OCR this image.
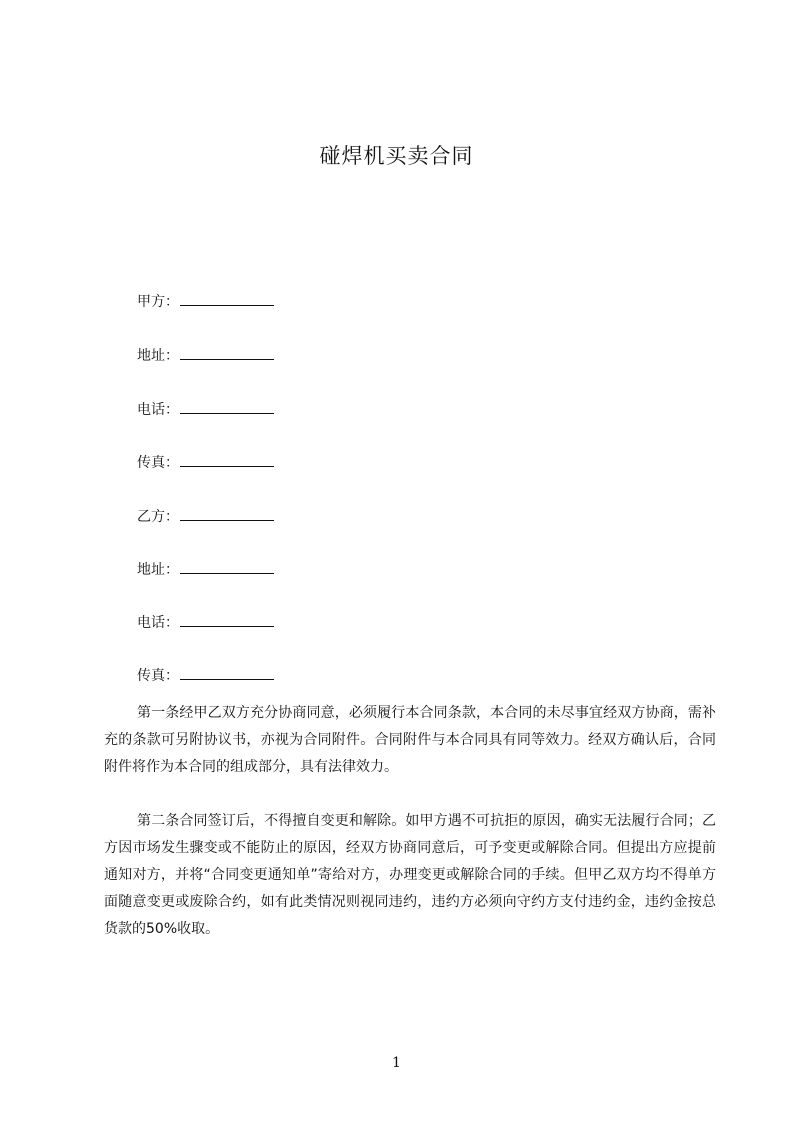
碰焊机买卖合同
甲方：
地址：
电话：
传真：
乙方：
地址：
电话：
传真：

第一条经甲乙双方充分协商同意，必须履行本合同条款，本合同的未尽事宜经双方协商，需补充的条款可另附协议书，亦视为合同附件。合同附件与本合同具有同等效力。经双方确认后，合同附件将作为本合同的组成部分，具有法律效力。

第二条合同签订后，不得擅自变更和解除。如甲方遇不可抗拒的原因，确实无法履行合同；乙方因市场发生骤变或不能防止的原因，经双方协商同意后，可予变更或解除合同。但提出方应提前通知对方，并将“合同变更通知单”寄给对方，办理变更或解除合同的手续。但甲乙双方均不得单方面随意变更或废除合约，如有此类情况则视同违约，违约方必须向守约方支付违约金，违约金按总货款的50%收取。

1
